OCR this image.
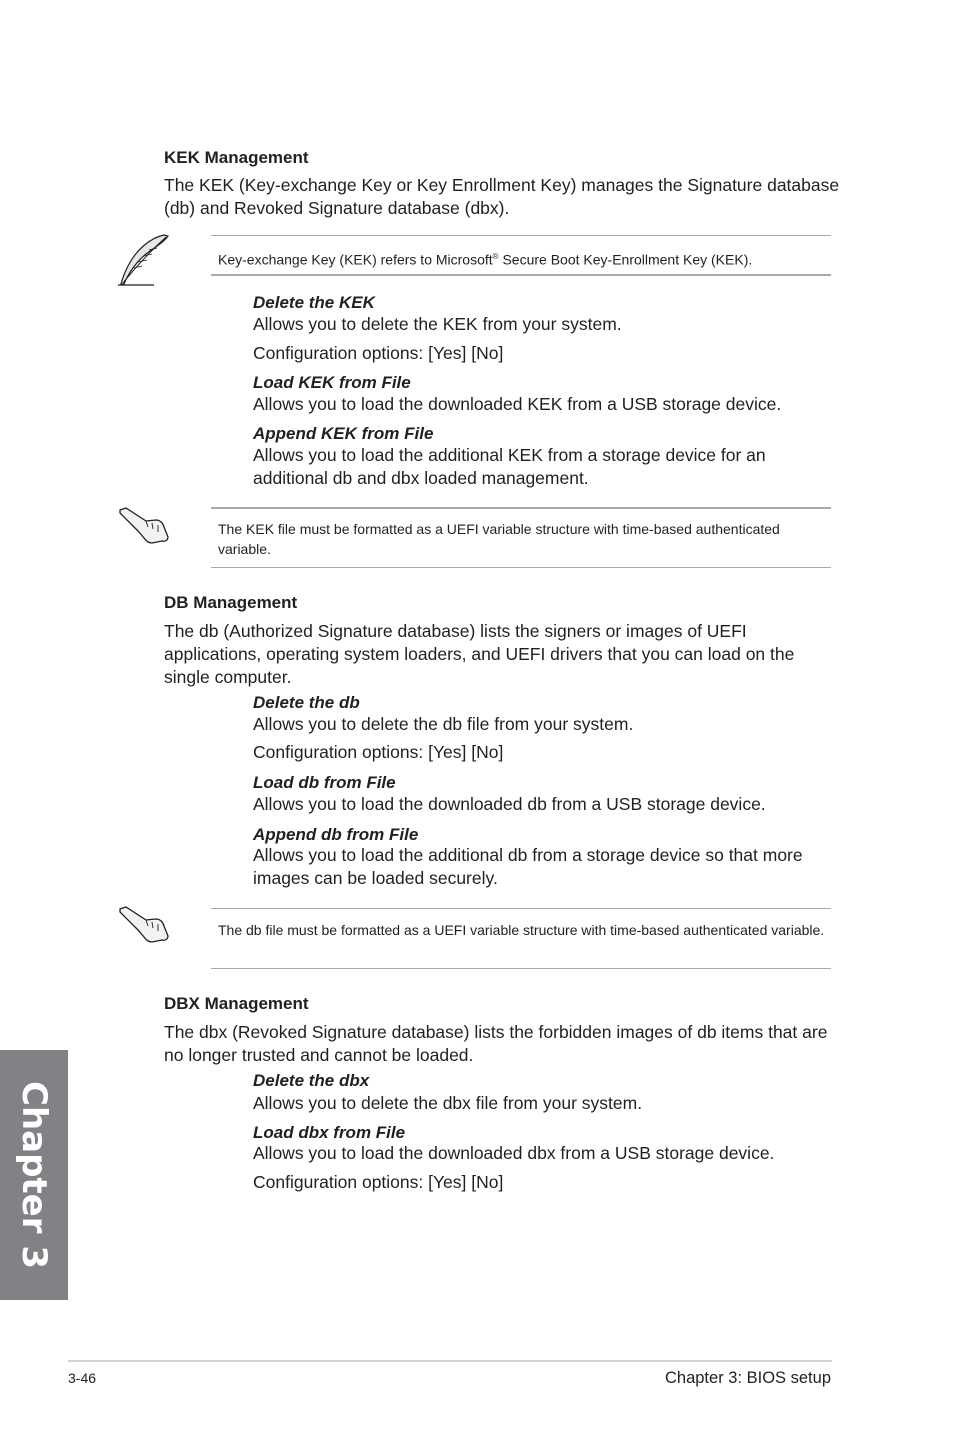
KEK Management
The KEK (Key-exchange Key or Key Enrollment Key) manages the Signature database (db) and Revoked Signature database (dbx).
Key-exchange Key (KEK) refers to Microsoft® Secure Boot Key-Enrollment Key (KEK).
Delete the KEK
Allows you to delete the KEK from your system.
Configuration options: [Yes] [No]
Load KEK from File
Allows you to load the downloaded KEK from a USB storage device.
Append KEK from File
Allows you to load the additional KEK from a storage device for an additional db and dbx loaded management.
The KEK file must be formatted as a UEFI variable structure with time-based authenticated variable.
DB Management
The db (Authorized Signature database) lists the signers or images of UEFI applications, operating system loaders, and UEFI drivers that you can load on the single computer.
Delete the db
Allows you to delete the db file from your system.
Configuration options: [Yes] [No]
Load db from File
Allows you to load the downloaded db from a USB storage device.
Append db from File
Allows you to load the additional db from a storage device so that more images can be loaded securely.
The db file must be formatted as a UEFI variable structure with time-based authenticated variable.
DBX Management
The dbx (Revoked Signature database) lists the forbidden images of db items that are no longer trusted and cannot be loaded.
Delete the dbx
Allows you to delete the dbx file from your system.
Load dbx from File
Allows you to load the downloaded dbx from a USB storage device.
Configuration options: [Yes] [No]
Chapter 3
3-46	Chapter 3: BIOS setup
